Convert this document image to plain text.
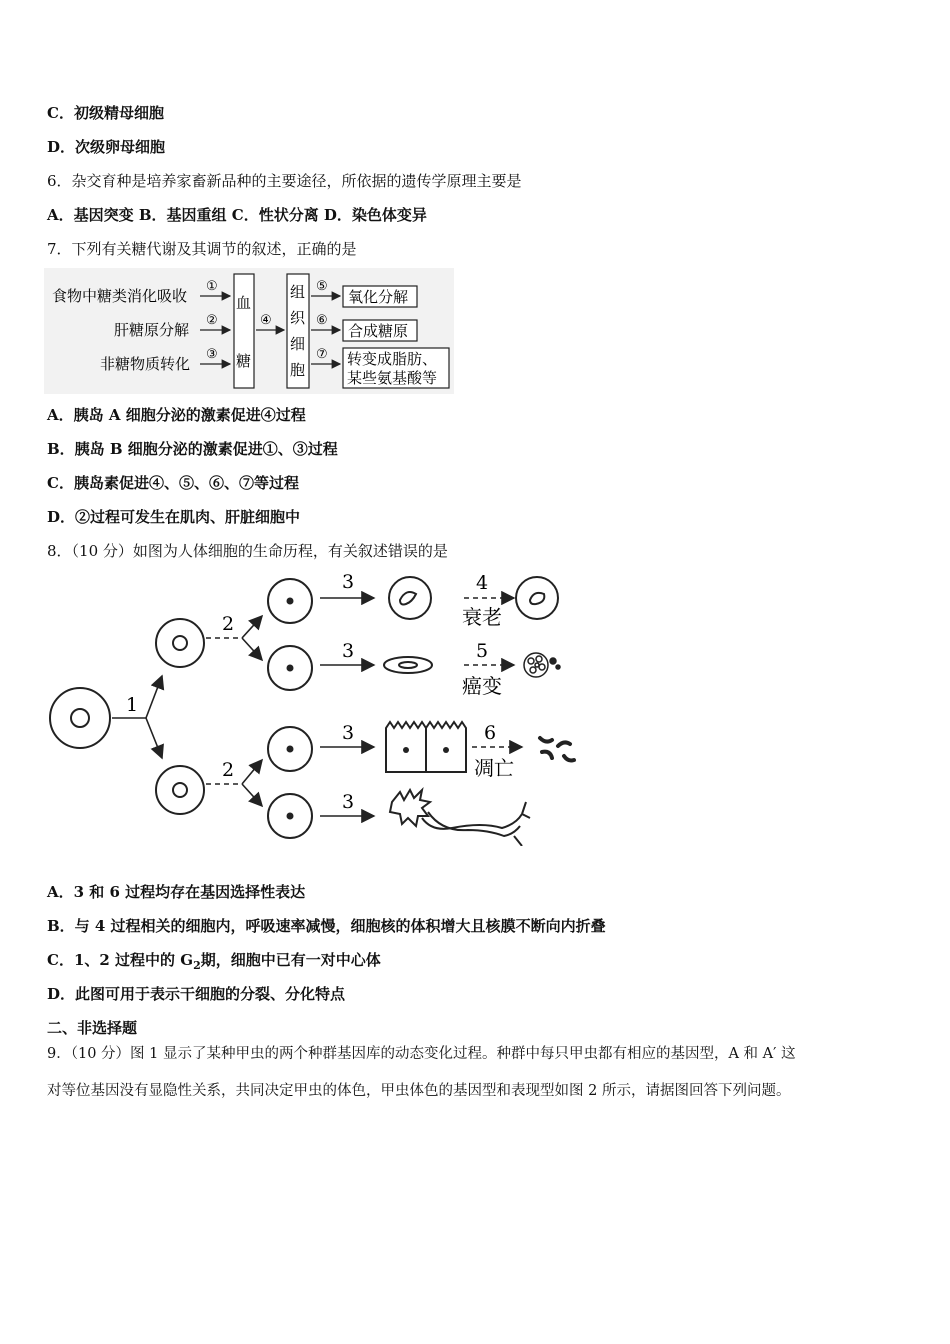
C．初级精母细胞
D．次级卵母细胞
6．杂交育种是培养家畜新品种的主要途径，所依据的遗传学原理主要是
A．基因突变 B．基因重组 C．性状分离 D．染色体变异
7．下列有关糖代谢及其调节的叙述，正确的是
食物中糖类消化吸收
肝糖原分解
非糖物质转化
①
②
③
血
糖
④
组
织
细
胞
⑤
⑥
⑦
氧化分解
合成糖原
转变成脂肪、
某些氨基酸等
A．胰岛 A 细胞分泌的激素促进④过程
B．胰岛 B 细胞分泌的激素促进①、③过程
C．胰岛素促进④、⑤、⑥、⑦等过程
D．②过程可发生在肌肉、肝脏细胞中
8．（10 分）如图为人体细胞的生命历程，有关叙述错误的是
1
2
2
3
3
3
3
4
5
6
衰老
癌变
凋亡
A．3 和 6 过程均存在基因选择性表达
B．与 4 过程相关的细胞内，呼吸速率减慢，细胞核的体积增大且核膜不断向内折叠
C．1、2 过程中的 $G_2$期，细胞中已有一对中心体
D．此图可用于表示干细胞的分裂、分化特点
二、非选择题
9．（10 分）图 1 显示了某种甲虫的两个种群基因库的动态变化过程。种群中每只甲虫都有相应的基因型，A 和 A′ 这
对等位基因没有显隐性关系，共同决定甲虫的体色，甲虫体色的基因型和表现型如图 2 所示，请据图回答下列问题。
